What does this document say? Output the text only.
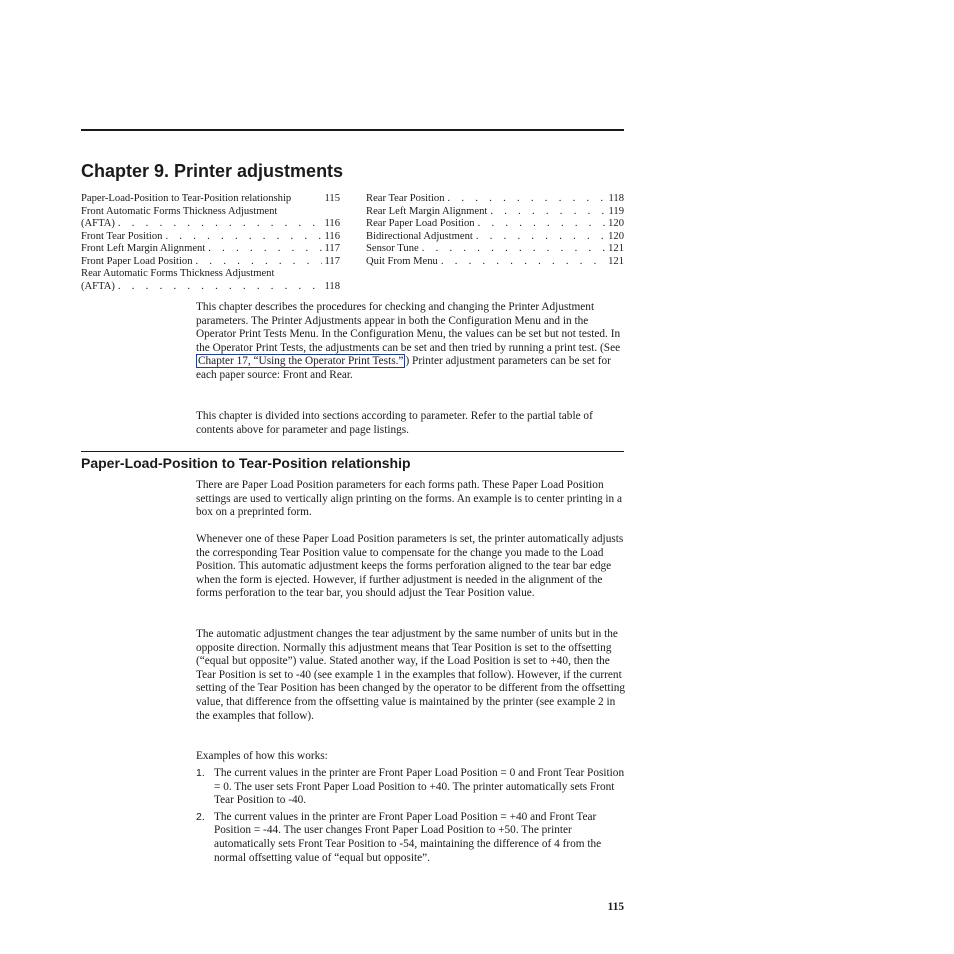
Chapter 9. Printer adjustments
Paper-Load-Position to Tear-Position relationship	115
Front Automatic Forms Thickness Adjustment
(AFTA) . . .	116
Front Tear Position . . .	116
Front Left Margin Alignment . . .	117
Front Paper Load Position . . .	117
Rear Automatic Forms Thickness Adjustment
(AFTA) . . .	118
Rear Tear Position . . .	118
Rear Left Margin Alignment . . .	119
Rear Paper Load Position . . .	120
Bidirectional Adjustment . . .	120
Sensor Tune . . .	121
Quit From Menu . . .	121

This chapter describes the procedures for checking and changing the Printer Adjustment parameters. The Printer Adjustments appear in both the Configuration Menu and in the Operator Print Tests Menu. In the Configuration Menu, the values can be set but not tested. In the Operator Print Tests, the adjustments can be set and then tried by running a print test. (See Chapter 17, “Using the Operator Print Tests.” ) Printer adjustment parameters can be set for each paper source: Front and Rear.

This chapter is divided into sections according to parameter. Refer to the partial table of contents above for parameter and page listings.

Paper-Load-Position to Tear-Position relationship

There are Paper Load Position parameters for each forms path. These Paper Load Position settings are used to vertically align printing on the forms. An example is to center printing in a box on a preprinted form.

Whenever one of these Paper Load Position parameters is set, the printer automatically adjusts the corresponding Tear Position value to compensate for the change you made to the Load Position. This automatic adjustment keeps the forms perforation aligned to the tear bar edge when the form is ejected. However, if further adjustment is needed in the alignment of the forms perforation to the tear bar, you should adjust the Tear Position value.

The automatic adjustment changes the tear adjustment by the same number of units but in the opposite direction. Normally this adjustment means that Tear Position is set to the offsetting (“equal but opposite”) value. Stated another way, if the Load Position is set to +40, then the Tear Position is set to -40 (see example 1 in the examples that follow). However, if the current setting of the Tear Position has been changed by the operator to be different from the offsetting value, that difference from the offsetting value is maintained by the printer (see example 2 in the examples that follow).

Examples of how this works:

1. The current values in the printer are Front Paper Load Position = 0 and Front Tear Position = 0. The user sets Front Paper Load Position to +40. The printer automatically sets Front Tear Position to -40.
2. The current values in the printer are Front Paper Load Position = +40 and Front Tear Position = -44. The user changes Front Paper Load Position to +50. The printer automatically sets Front Tear Position to -54, maintaining the difference of 4 from the normal offsetting value of “equal but opposite”.
115
